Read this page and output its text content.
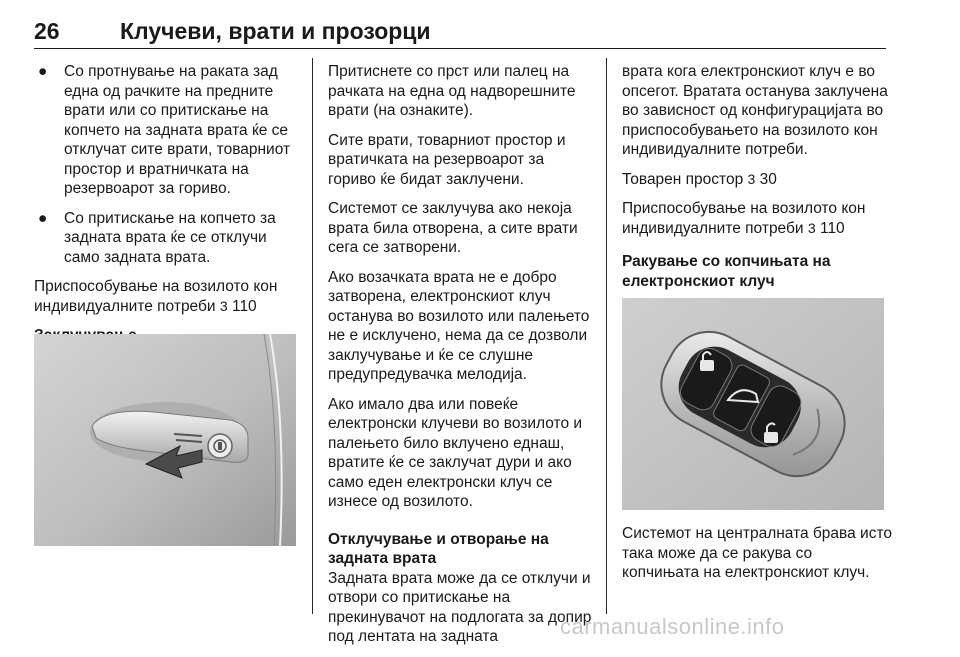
26	Клучеви, врати и прозорци
● Со протнување на раката зад една од рачките на предните врати или со притискање на копчето на задната врата ќе се отклучат сите врати, товарниот простор и вратничката на резервоарот за гориво.
● Со притискање на копчето за задната врата ќе се отклучи само задната врата.

Приспособување на возилото кон индивидуалните потреби 3 110

Притиснете со прст или палец на рачката на една од надворешните врати (на ознаките).

Сите врати, товарниот простор и вратичката на резервоарот за гориво ќе бидат заклучени.

Системот се заклучува ако некоја врата била отворена, а сите врати сега се затворени.

Ако возачката врата не е добро затворена, електронскиот клуч останува во возилото или палењето не е исклучено, нема да се дозволи заклучување и ќе се слушне предупредувачка мелодија.

Ако имало два или повеќе електронски клучеви во возилото и палењето било вклучено еднаш, вратите ќе се заклучат дури и ако само еден електронски клуч се изнесе од возилото.

Отклучување и отворање на задната врата

Задната врата може да се отклучи и отвори со притискање на прекинувачот на подлогата за допир под лентата на задната

врата кога електронскиот клуч е во опсегот. Вратата останува заклучена во зависност од конфигурацијата во приспособувањето на возилото кон индивидуалните потреби.

Товарен простор 3 30

Приспособување на возилото кон индивидуалните потреби 3 110

Ракување со копчињата на електронскиот клуч

Системот на централната брава исто така може да се ракува со копчињата на електронскиот клуч.

carmanualsonline.info
